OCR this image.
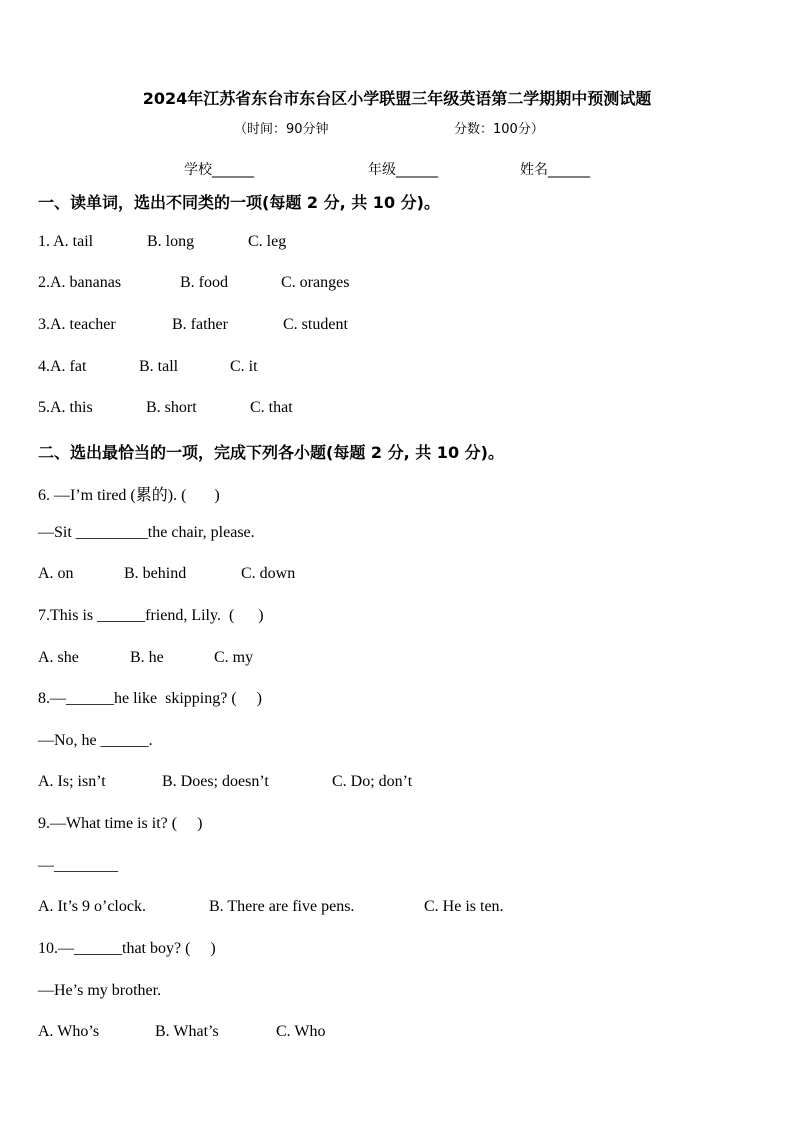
2024年江苏省东台市东台区小学联盟三年级英语第二学期期中预测试题
（时间：90分钟	分数：100分）
学校______	年级______	姓名______
一、读单词，选出不同类的一项(每题 2 分, 共 10 分)。
1. A. tail	B. long	C. leg
2.A. bananas	B. food	C. oranges
3.A. teacher	B. father	C. student
4.A. fat	B. tall	C. it
5.A. this	B. short	C. that
二、选出最恰当的一项，完成下列各小题(每题 2 分, 共 10 分)。
6. —I’m tired (累的). (       )
—Sit _________the chair, please.
A. on	B. behind	C. down
7.This is ______friend, Lily.  (      )
A. she	B. he	C. my
8.—______he like  skipping? (     )
—No, he ______.
A. Is; isn’t	B. Does; doesn’t	C. Do; don’t
9.—What time is it? (     )
—________
A. It’s 9 o’clock.	B. There are five pens.	C. He is ten.
10.—______that boy? (     )
—He’s my brother.
A. Who’s	B. What’s	C. Who
